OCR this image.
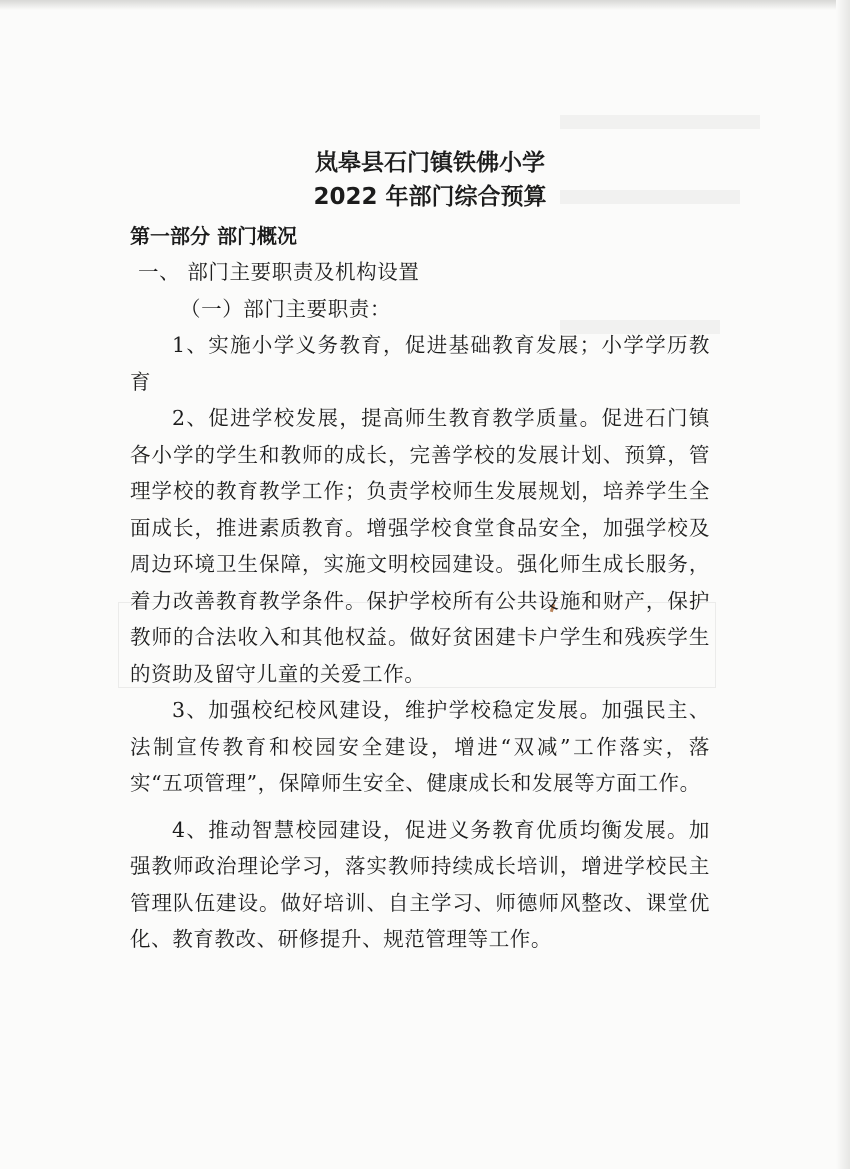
岚皋县石门镇铁佛小学
2022 年部门综合预算

第一部分 部门概况

一、 部门主要职责及机构设置

（一）部门主要职责：

1、实施小学义务教育，促进基础教育发展；小学学历教育

2、促进学校发展，提高师生教育教学质量。促进石门镇各小学的学生和教师的成长，完善学校的发展计划、预算，管理学校的教育教学工作；负责学校师生发展规划，培养学生全面成长，推进素质教育。增强学校食堂食品安全，加强学校及周边环境卫生保障，实施文明校园建设。强化师生成长服务，着力改善教育教学条件。保护学校所有公共设施和财产，保护教师的合法收入和其他权益。做好贫困建卡户学生和残疾学生的资助及留守儿童的关爱工作。

3、加强校纪校风建设，维护学校稳定发展。加强民主、法制宣传教育和校园安全建设，增进“双减”工作落实，落实“五项管理”，保障师生安全、健康成长和发展等方面工作。

4、推动智慧校园建设，促进义务教育优质均衡发展。加强教师政治理论学习，落实教师持续成长培训，增进学校民主管理队伍建设。做好培训、自主学习、师德师风整改、课堂优化、教育教改、研修提升、规范管理等工作。
